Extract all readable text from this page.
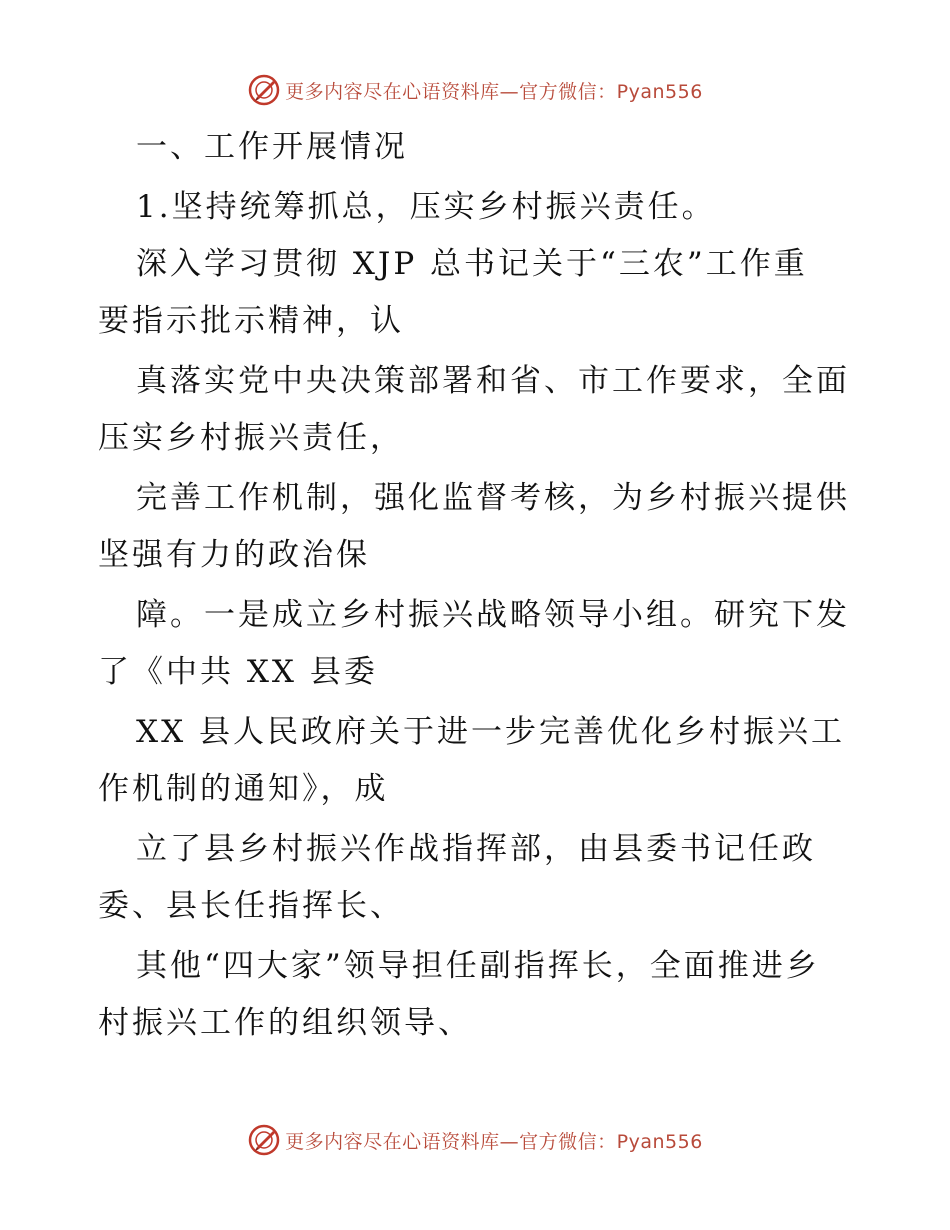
更多内容尽在心语资料库—官方微信：Pyan556
一、工作开展情况
1.坚持统筹抓总，压实乡村振兴责任。
深入学习贯彻 XJP 总书记关于“三农”工作重
要指示批示精神，认
真落实党中央决策部署和省、市工作要求，全面
压实乡村振兴责任，
完善工作机制，强化监督考核，为乡村振兴提供
坚强有力的政治保
障。一是成立乡村振兴战略领导小组。研究下发
了《中共 XX 县委
XX 县人民政府关于进一步完善优化乡村振兴工
作机制的通知》，成
立了县乡村振兴作战指挥部，由县委书记任政
委、县长任指挥长、
其他“四大家”领导担任副指挥长，全面推进乡
村振兴工作的组织领导、
更多内容尽在心语资料库—官方微信：Pyan556
